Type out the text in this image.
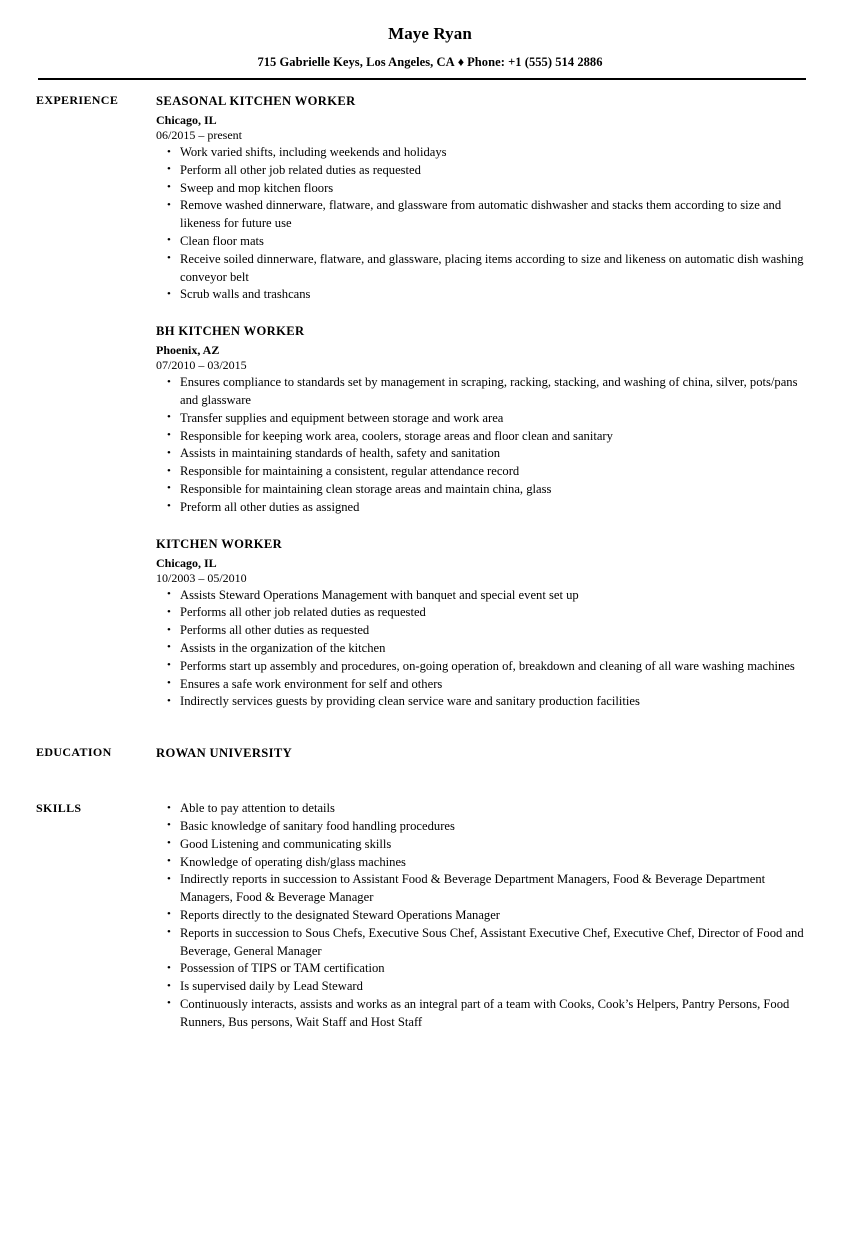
Maye Ryan
715 Gabrielle Keys, Los Angeles, CA ♦ Phone: +1 (555) 514 2886
EXPERIENCE	SEASONAL KITCHEN WORKER
Chicago, IL
06/2015 – present
• Work varied shifts, including weekends and holidays
• Perform all other job related duties as requested
• Sweep and mop kitchen floors
• Remove washed dinnerware, flatware, and glassware from automatic dishwasher and stacks them according to size and likeness for future use
• Clean floor mats
• Receive soiled dinnerware, flatware, and glassware, placing items according to size and likeness on automatic dish washing conveyor belt
• Scrub walls and trashcans
BH KITCHEN WORKER
Phoenix, AZ
07/2010 – 03/2015
• Ensures compliance to standards set by management in scraping, racking, stacking, and washing of china, silver, pots/pans and glassware
• Transfer supplies and equipment between storage and work area
• Responsible for keeping work area, coolers, storage areas and floor clean and sanitary
• Assists in maintaining standards of health, safety and sanitation
• Responsible for maintaining a consistent, regular attendance record
• Responsible for maintaining clean storage areas and maintain china, glass
• Preform all other duties as assigned
KITCHEN WORKER
Chicago, IL
10/2003 – 05/2010
• Assists Steward Operations Management with banquet and special event set up
• Performs all other job related duties as requested
• Performs all other duties as requested
• Assists in the organization of the kitchen
• Performs start up assembly and procedures, on-going operation of, breakdown and cleaning of all ware washing machines
• Ensures a safe work environment for self and others
• Indirectly services guests by providing clean service ware and sanitary production facilities
EDUCATION	ROWAN UNIVERSITY
SKILLS	• Able to pay attention to details
• Basic knowledge of sanitary food handling procedures
• Good Listening and communicating skills
• Knowledge of operating dish/glass machines
• Indirectly reports in succession to Assistant Food & Beverage Department Managers, Food & Beverage Department Managers, Food & Beverage Manager
• Reports directly to the designated Steward Operations Manager
• Reports in succession to Sous Chefs, Executive Sous Chef, Assistant Executive Chef, Executive Chef, Director of Food and Beverage, General Manager
• Possession of TIPS or TAM certification
• Is supervised daily by Lead Steward
• Continuously interacts, assists and works as an integral part of a team with Cooks, Cook’s Helpers, Pantry Persons, Food Runners, Bus persons, Wait Staff and Host Staff
